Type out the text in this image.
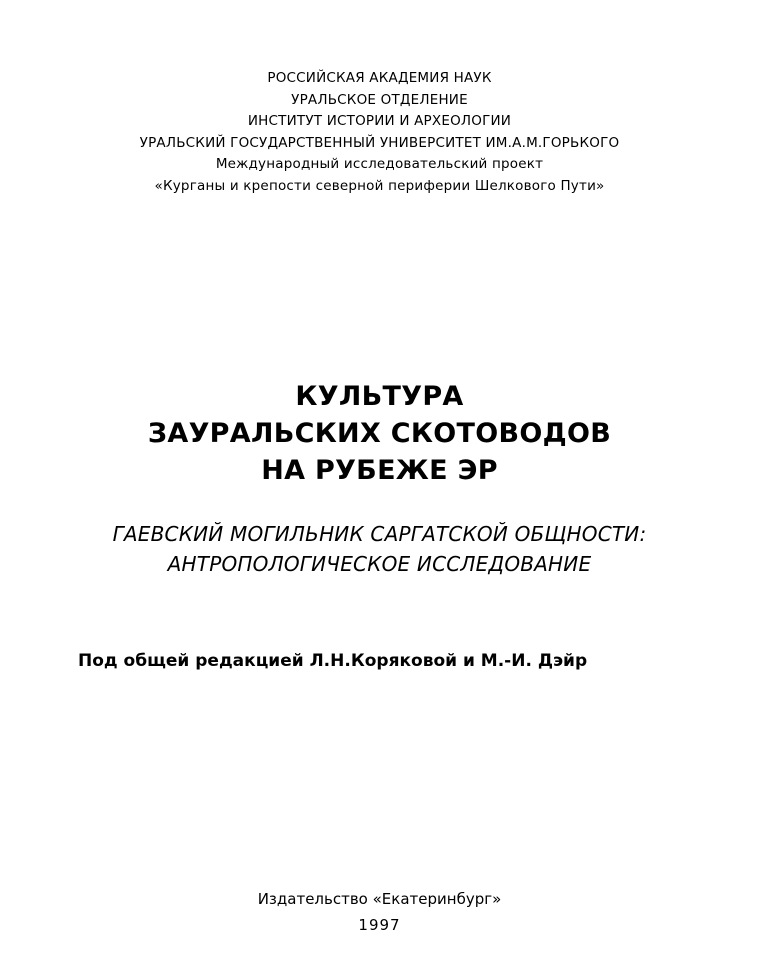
РОССИЙСКАЯ АКАДЕМИЯ НАУК
УРАЛЬСКОЕ ОТДЕЛЕНИЕ
ИНСТИТУТ ИСТОРИИ И АРХЕОЛОГИИ
УРАЛЬСКИЙ ГОСУДАРСТВЕННЫЙ УНИВЕРСИТЕТ ИМ.А.М.ГОРЬКОГО
Международный исследовательский проект
«Курганы и крепости северной периферии Шелкового Пути»
КУЛЬТУРА
ЗАУРАЛЬСКИХ СКОТОВОДОВ
НА РУБЕЖЕ ЭР
ГАЕВСКИЙ МОГИЛЬНИК САРГАТСКОЙ ОБЩНОСТИ:
АНТРОПОЛОГИЧЕСКОЕ ИССЛЕДОВАНИЕ
Под общей редакцией Л.Н.Коряковой и М.-И. Дэйр
Издательство «Екатеринбург»
1997
